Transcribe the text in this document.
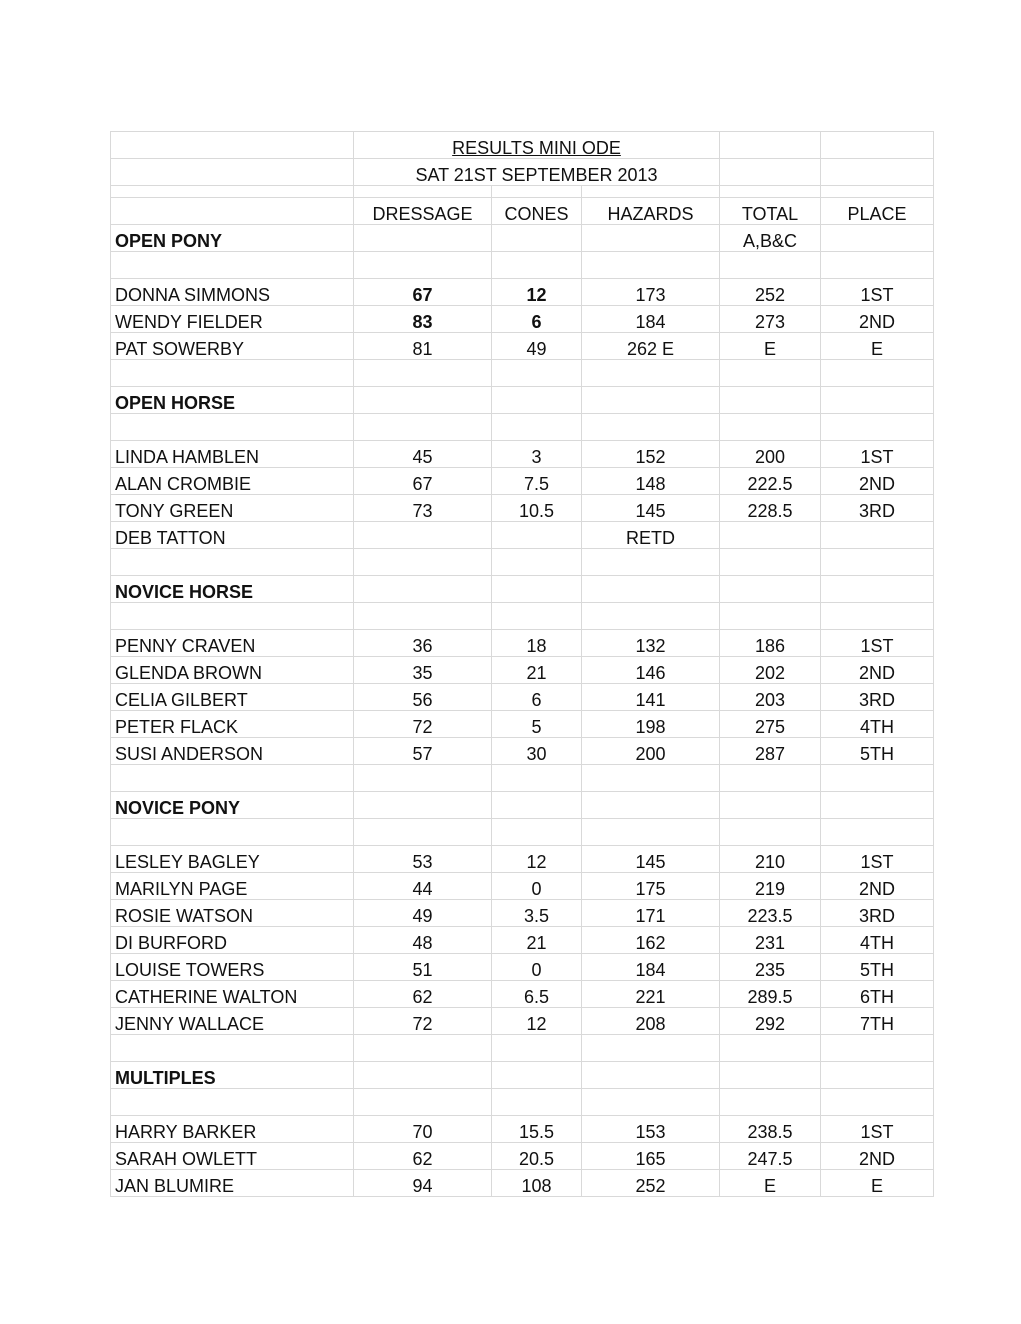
	RESULTS MINI ODE				
	SAT 21ST SEPTEMBER 2013				

	DRESSAGE	CONES	HAZARDS	TOTAL	PLACE
OPEN PONY				A,B&C	

DONNA SIMMONS	67	12	173	252	1ST
WENDY FIELDER	83	6	184	273	2ND
PAT SOWERBY	81	49	262 E	E	E

OPEN HORSE					

LINDA HAMBLEN	45	3	152	200	1ST
ALAN CROMBIE	67	7.5	148	222.5	2ND
TONY GREEN	73	10.5	145	228.5	3RD
DEB TATTON			RETD		

NOVICE HORSE					

PENNY CRAVEN	36	18	132	186	1ST
GLENDA BROWN	35	21	146	202	2ND
CELIA GILBERT	56	6	141	203	3RD
PETER FLACK	72	5	198	275	4TH
SUSI ANDERSON	57	30	200	287	5TH

NOVICE PONY					

LESLEY BAGLEY	53	12	145	210	1ST
MARILYN PAGE	44	0	175	219	2ND
ROSIE WATSON	49	3.5	171	223.5	3RD
DI BURFORD	48	21	162	231	4TH
LOUISE TOWERS	51	0	184	235	5TH
CATHERINE WALTON	62	6.5	221	289.5	6TH
JENNY WALLACE	72	12	208	292	7TH

MULTIPLES					

HARRY BARKER	70	15.5	153	238.5	1ST
SARAH OWLETT	62	20.5	165	247.5	2ND
JAN BLUMIRE	94	108	252	E	E
